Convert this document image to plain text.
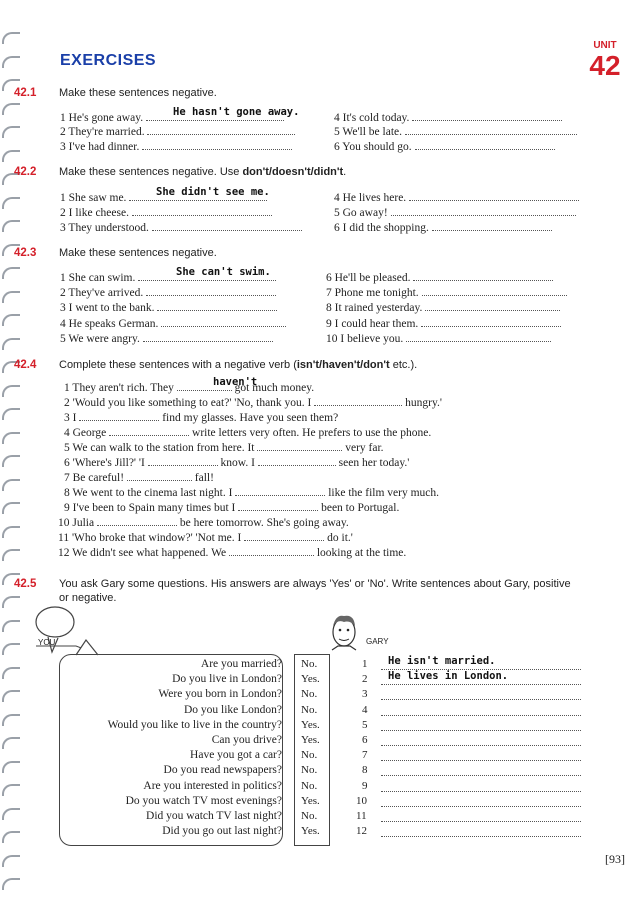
EXERCISES
UNIT
42
42.1 Make these sentences negative.
1 He's gone away.
2 They're married.
3 I've had dinner.
4 It's cold today.
5 We'll be late.
6 You should go.
He hasn't gone away.
42.2 Make these sentences negative. Use don't/doesn't/didn't.
1 She saw me.
2 I like cheese.
3 They understood.
4 He lives here.
5 Go away!
6 I did the shopping.
She didn't see me.
42.3 Make these sentences negative.
1 She can swim.
2 They've arrived.
3 I went to the bank.
4 He speaks German.
5 We were angry.
6 He'll be pleased.
7 Phone me tonight.
8 It rained yesterday.
9 I could hear them.
10 I believe you.
She can't swim.
42.4 Complete these sentences with a negative verb (isn't/haven't/don't etc.).
1 They aren't rich. They	got much money.
2 'Would you like something to eat?' 'No, thank you. I	hungry.'
3 I	find my glasses. Have you seen them?
4 George	write letters very often. He prefers to use the phone.
5 We can walk to the station from here. It	very far.
6 'Where's Jill?' 'I	know. I	seen her today.'
7 Be careful!	fall!
8 We went to the cinema last night. I	like the film very much.
9 I've been to Spain many times but I	been to Portugal.
10 Julia	be here tomorrow. She's going away.
11 'Who broke that window?' 'Not me. I	do it.'
12 We didn't see what happened. We	looking at the time.
haven't
42.5 You ask Gary some questions. His answers are always 'Yes' or 'No'. Write sentences about Gary, positive
or negative.
YOU	GARY
Are you married? No.	1 He isn't married.
Do you live in London? Yes.	2 He lives in London.
Were you born in London? No.	3
Do you like London? No.	4
Would you like to live in the country? Yes.	5
Can you drive? Yes.	6
Have you got a car? No.	7
Do you read newspapers? No.	8
Are you interested in politics? No.	9
Do you watch TV most evenings? Yes.	10
Did you watch TV last night? No.	11
Did you go out last night? Yes.	12
[93]
